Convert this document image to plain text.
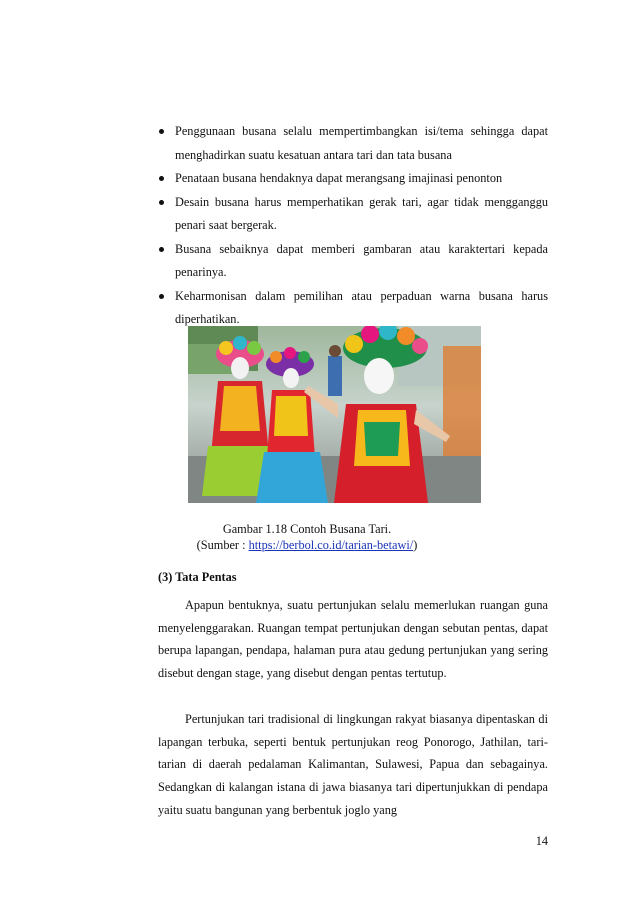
Penggunaan busana selalu mempertimbangkan isi/tema sehingga dapat menghadirkan suatu kesatuan antara tari dan tata busana
Penataan busana hendaknya dapat merangsang imajinasi penonton
Desain busana harus memperhatikan gerak tari, agar tidak mengganggu penari saat bergerak.
Busana sebaiknya dapat memberi gambaran atau karaktertari kepada penarinya.
Keharmonisan dalam pemilihan atau perpaduan warna busana harus diperhatikan.
Gambar 1.18 Contoh Busana Tari.
(Sumber : https://berbol.co.id/tarian-betawi/)
(3) Tata Pentas

Apapun bentuknya, suatu pertunjukan selalu memerlukan ruangan guna menyelenggarakan. Ruangan tempat pertunjukan dengan sebutan pentas, dapat berupa lapangan, pendapa, halaman pura atau gedung pertunjukan yang sering disebut dengan stage, yang disebut dengan pentas tertutup.

Pertunjukan tari tradisional di lingkungan rakyat biasanya dipentaskan di lapangan terbuka, seperti bentuk pertunjukan reog Ponorogo, Jathilan, tari-tarian di daerah pedalaman Kalimantan, Sulawesi, Papua dan sebagainya. Sedangkan di kalangan istana di jawa biasanya tari dipertunjukkan di pendapa yaitu suatu bangunan yang berbentuk joglo yang

14
